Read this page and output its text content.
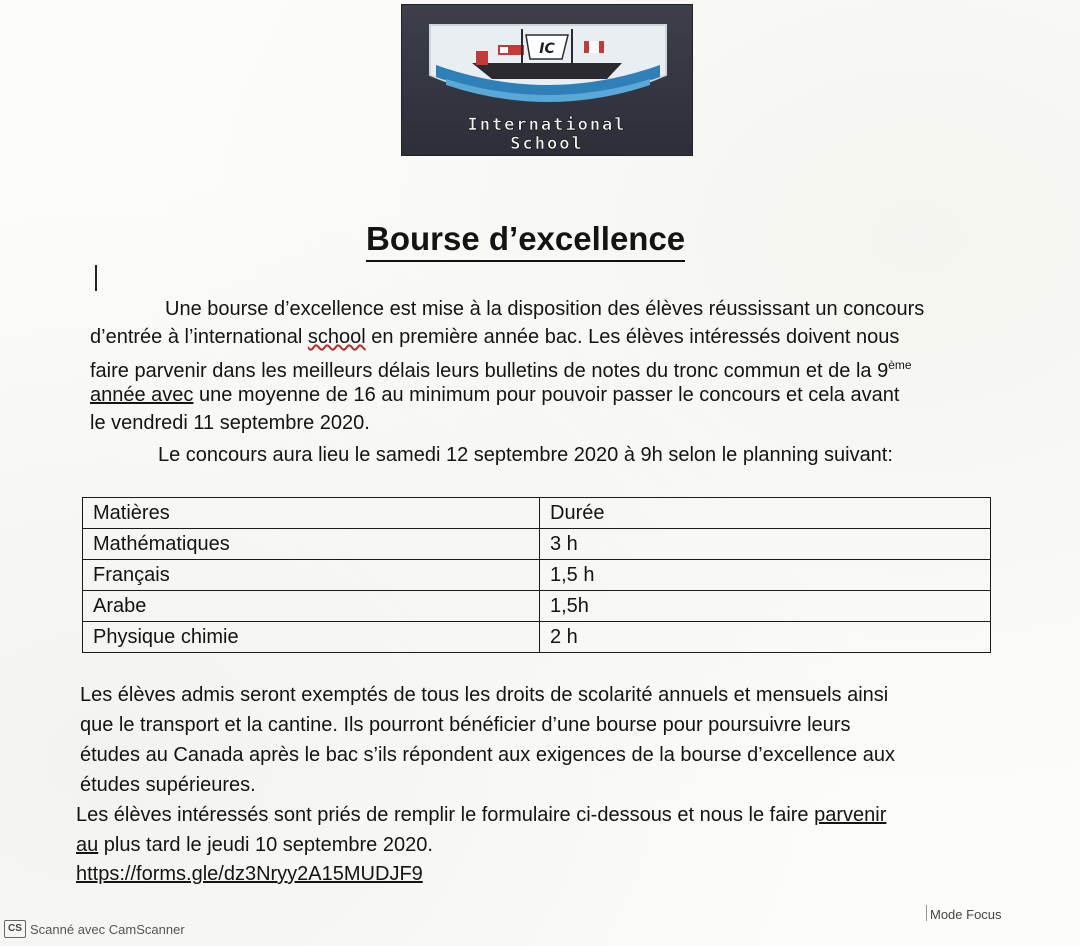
IC
International
School
Bourse d’excellence
Une bourse d’excellence est mise à la disposition des élèves réussissant un concours
d’entrée à l’international school en première année bac. Les élèves intéressés doivent nous
faire parvenir dans les meilleurs délais leurs bulletins de notes du tronc commun et de la 9ème
année avec une moyenne de 16 au minimum pour pouvoir passer le concours et cela avant
le vendredi 11 septembre 2020.
Le concours aura lieu le samedi 12 septembre 2020 à 9h selon le planning suivant:
Matières	Durée
Mathématiques	3 h
Français	1,5 h
Arabe	1,5h
Physique chimie	2 h
Les élèves admis seront exemptés de tous les droits de scolarité annuels et mensuels ainsi
que le transport et la cantine. Ils pourront bénéficier d’une bourse pour poursuivre leurs
études au Canada après le bac s’ils répondent aux exigences de la bourse d’excellence aux
études supérieures.
Les élèves intéressés sont priés de remplir le formulaire ci-dessous et nous le faire parvenir
au plus tard le jeudi 10 septembre 2020.
https://forms.gle/dz3Nryy2A15MUDJF9
CS Scanné avec CamScanner
Mode Focus
